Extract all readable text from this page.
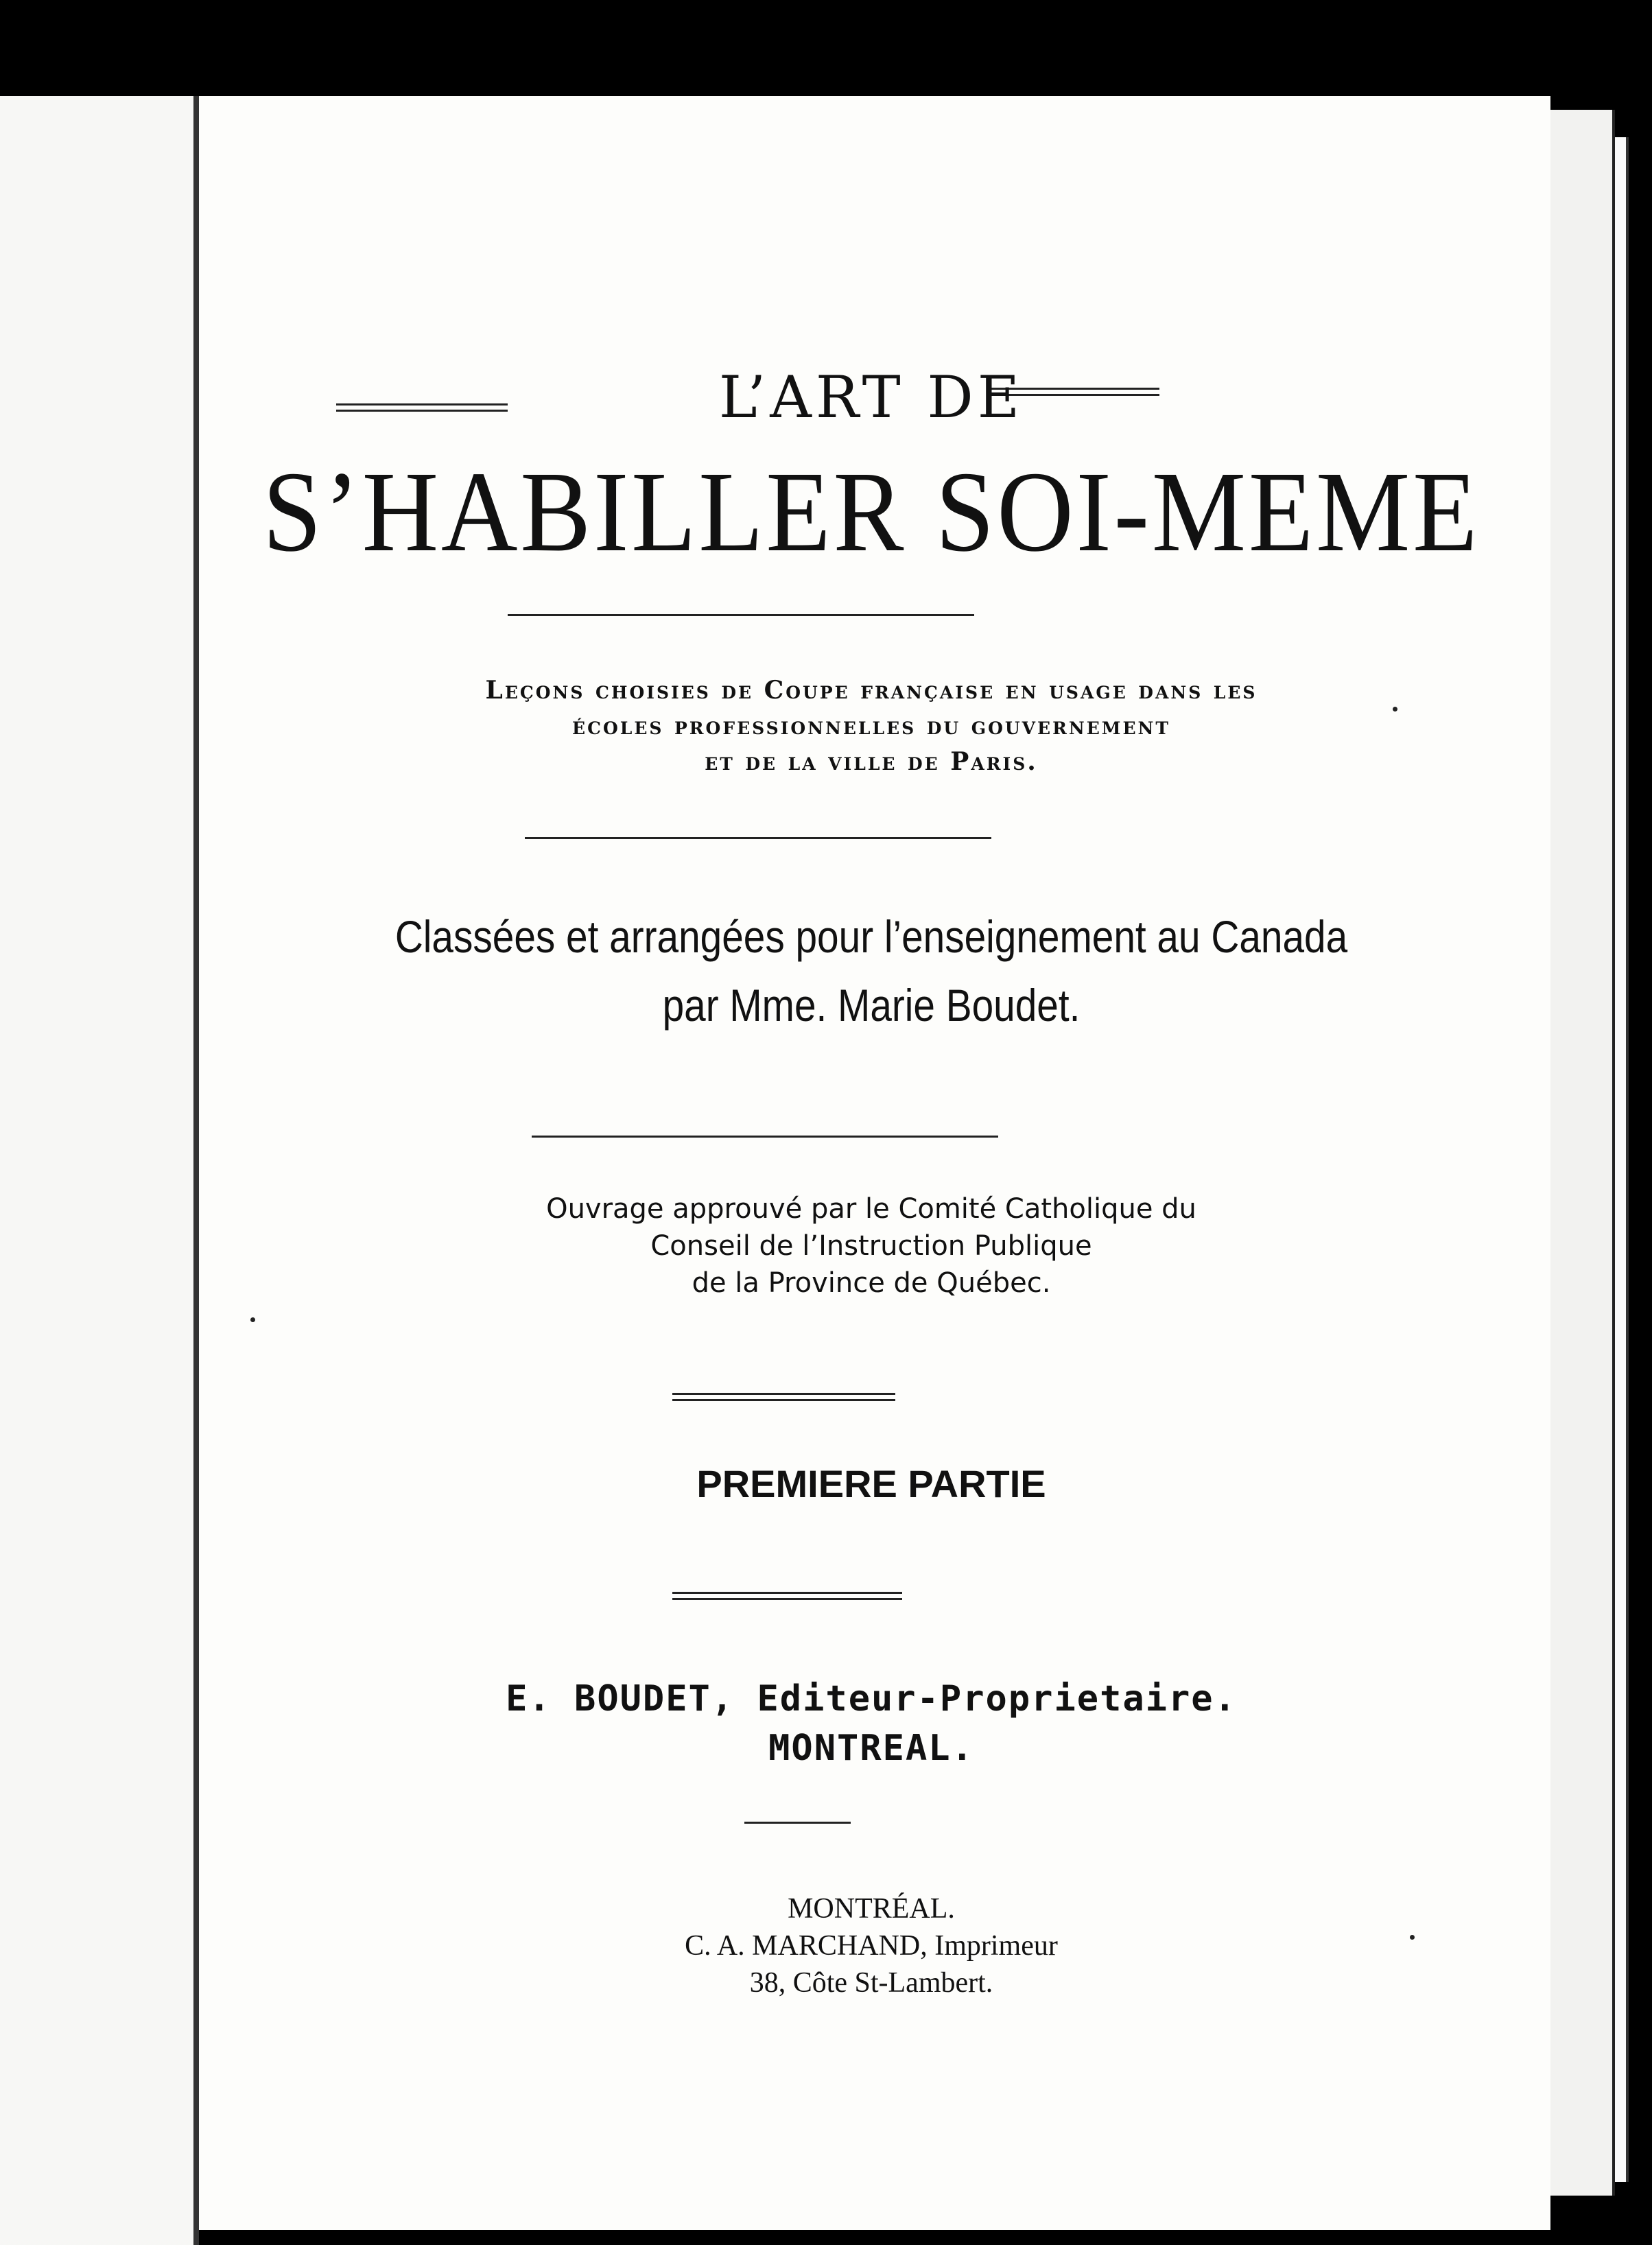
L’ART DE
S’HABILLER SOI-MEME
Leçons choisies de Coupe française en usage dans les
écoles professionnelles du gouvernement
et de la ville de Paris.
Classées et arrangées pour l’enseignement au Canada
par Mme. Marie Boudet.
Ouvrage approuvé par le Comité Catholique du
Conseil de l’Instruction Publique
de la Province de Québec.
PREMIERE PARTIE
E. BOUDET, Editeur-Proprietaire.
MONTREAL.
MONTRÉAL.
C. A. MARCHAND, Imprimeur
38, Côte St-Lambert.
